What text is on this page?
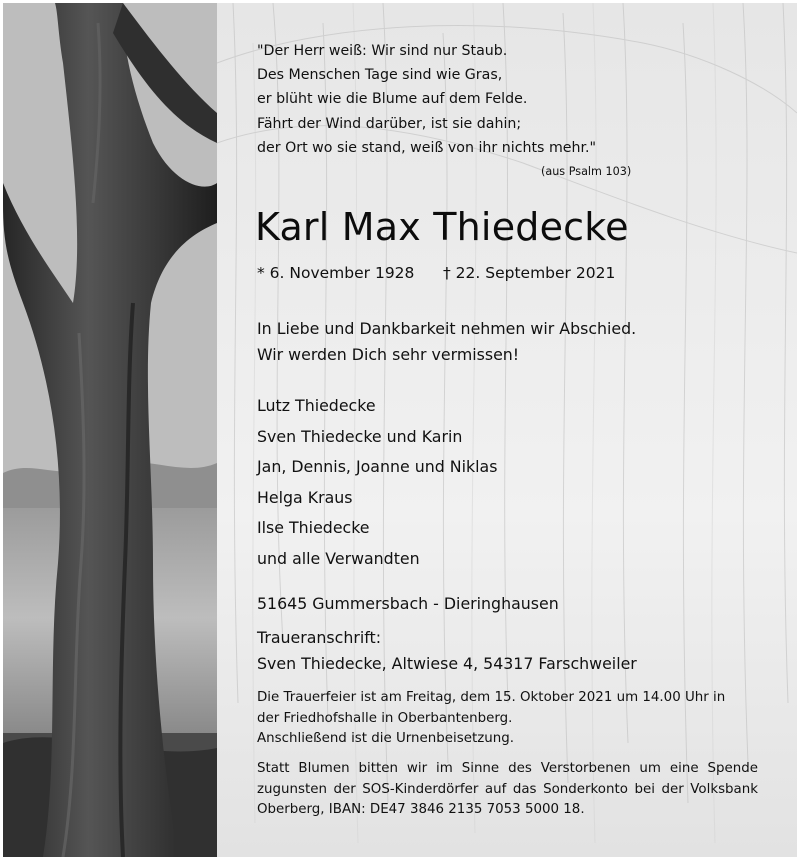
"Der Herr weiß: Wir sind nur Staub.
Des Menschen Tage sind wie Gras,
er blüht wie die Blume auf dem Felde.
Fährt der Wind darüber, ist sie dahin;
der Ort wo sie stand, weiß von ihr nichts mehr."
(aus Psalm 103)
Karl Max Thiedecke
* 6. November 1928 † 22. September 2021
In Liebe und Dankbarkeit nehmen wir Abschied.
Wir werden Dich sehr vermissen!
Lutz Thiedecke
Sven Thiedecke und Karin
Jan, Dennis, Joanne und Niklas
Helga Kraus
Ilse Thiedecke
und alle Verwandten
51645 Gummersbach - Dieringhausen
Traueranschrift:
Sven Thiedecke, Altwiese 4, 54317 Farschweiler
Die Trauerfeier ist am Freitag, dem 15. Oktober 2021 um 14.00 Uhr in
der Friedhofshalle in Oberbantenberg.
Anschließend ist die Urnenbeisetzung.
Statt Blumen bitten wir im Sinne des Verstorbenen um eine Spende
zugunsten der SOS-Kinderdörfer auf das Sonderkonto bei der Volksbank
Oberberg, IBAN: DE47 3846 2135 7053 5000 18.
